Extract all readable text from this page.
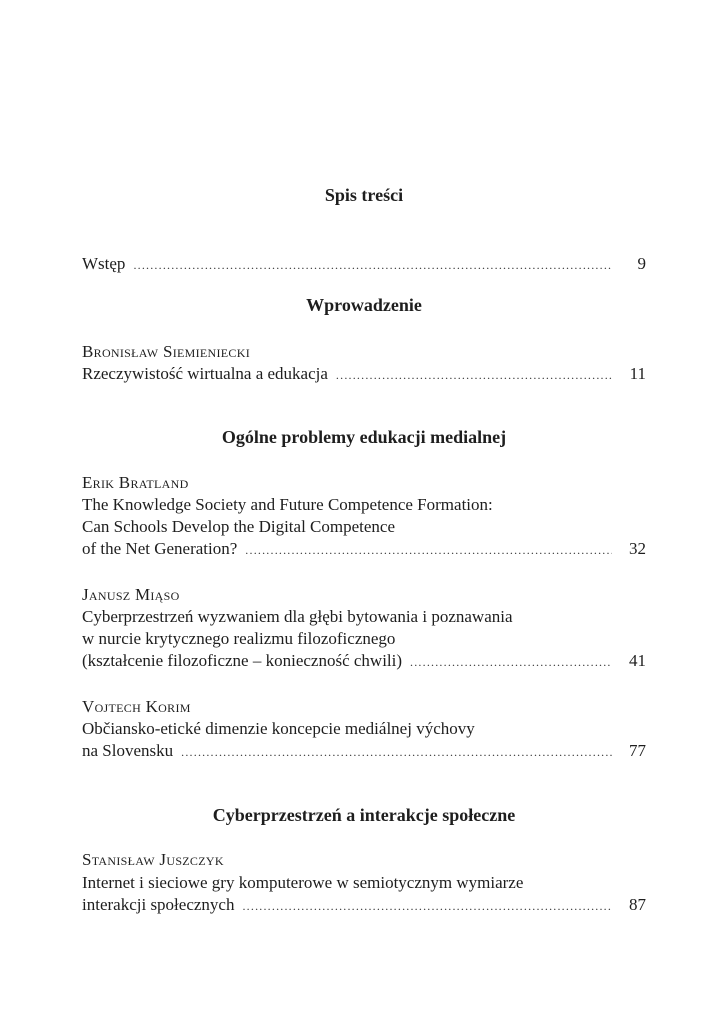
Spis treści
Wstęp .....	9
Wprowadzenie
Bronisław Siemieniecki
Rzeczywistość wirtualna a edukacja .....	11
Ogólne problemy edukacji medialnej
Erik Bratland
The Knowledge Society and Future Competence Formation:
Can Schools Develop the Digital Competence
of the Net Generation? .....	32
Janusz Miąso
Cyberprzestrzeń wyzwaniem dla głębi bytowania i poznawania
w nurcie krytycznego realizmu filozoficznego
(kształcenie filozoficzne – konieczność chwili) .....	41
Vojtech Korim
Občiansko-etické dimenzie koncepcie mediálnej výchovy
na Slovensku .....	77
Cyberprzestrzeń a interakcje społeczne
Stanisław Juszczyk
Internet i sieciowe gry komputerowe w semiotycznym wymiarze
interakcji społecznych .....	87
